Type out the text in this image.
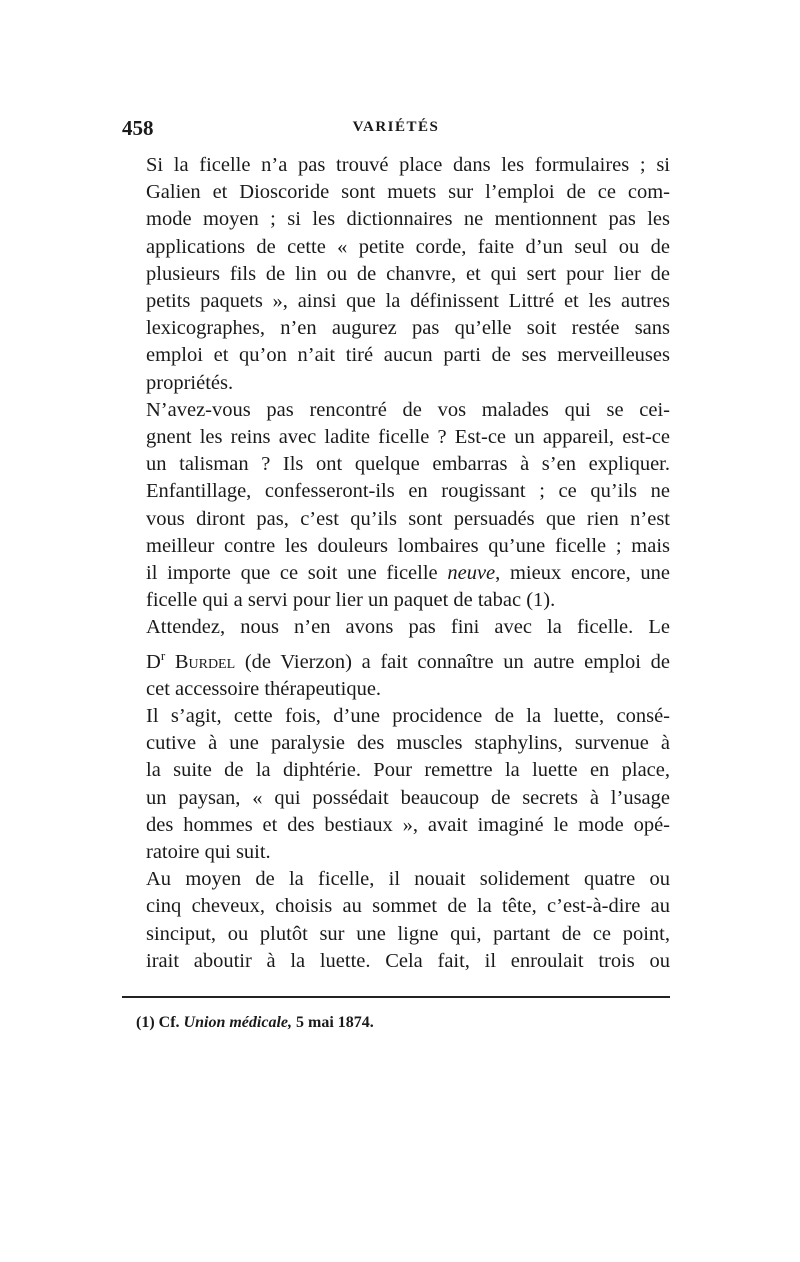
458	VARIÉTÉS

Si la ficelle n’a pas trouvé place dans les formulaires ; si
Galien et Dioscoride sont muets sur l’emploi de ce com-
mode moyen ; si les dictionnaires ne mentionnent pas les
applications de cette « petite corde, faite d’un seul ou de
plusieurs fils de lin ou de chanvre, et qui sert pour lier de
petits paquets », ainsi que la définissent Littré et les autres
lexicographes, n’en augurez pas qu’elle soit restée sans
emploi et qu’on n’ait tiré aucun parti de ses merveilleuses
propriétés.

N’avez-vous pas rencontré de vos malades qui se cei-
gnent les reins avec ladite ficelle ? Est-ce un appareil, est-ce
un talisman ? Ils ont quelque embarras à s’en expliquer.

Enfantillage, confesseront-ils en rougissant ; ce qu’ils ne
vous diront pas, c’est qu’ils sont persuadés que rien n’est
meilleur contre les douleurs lombaires qu’une ficelle ; mais
il importe que ce soit une ficelle neuve, mieux encore, une
ficelle qui a servi pour lier un paquet de tabac (1).

Attendez, nous n’en avons pas fini avec la ficelle. Le
$D^r$ Burdel (de Vierzon) a fait connaître un autre emploi de
cet accessoire thérapeutique.

Il s’agit, cette fois, d’une procidence de la luette, consé-
cutive à une paralysie des muscles staphylins, survenue à
la suite de la diphtérie. Pour remettre la luette en place,
un paysan, « qui possédait beaucoup de secrets à l’usage
des hommes et des bestiaux », avait imaginé le mode opé-
ratoire qui suit.

Au moyen de la ficelle, il nouait solidement quatre ou
cinq cheveux, choisis au sommet de la tête, c’est-à-dire au
sinciput, ou plutôt sur une ligne qui, partant de ce point,
irait aboutir à la luette. Cela fait, il enroulait trois ou

(1) Cf. Union médicale, 5 mai 1874.
